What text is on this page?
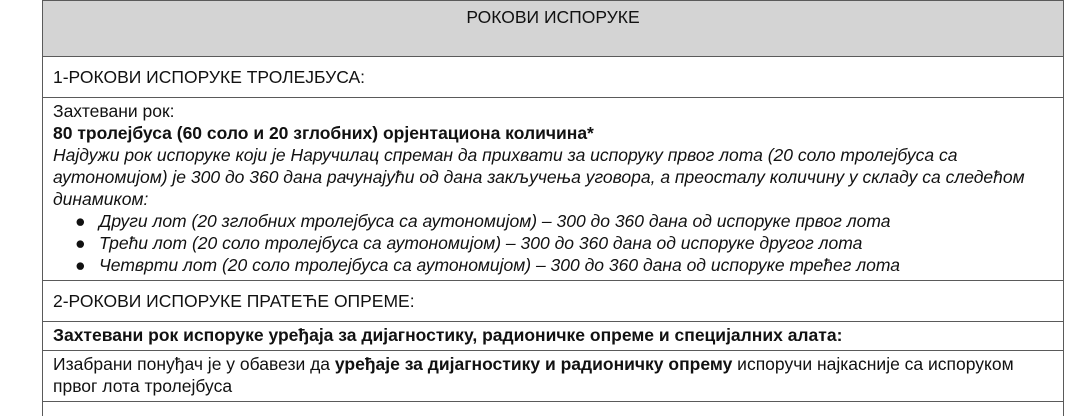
РОКОВИ ИСПОРУКЕ
1-РОКОВИ ИСПОРУКЕ ТРОЛЕЈБУСА:

Захтевани рок:
80 тролејбуса (60 соло и 20 зглобних) орјентациона количина*
Најдужи рок испоруке који је Наручилац спреман да прихвати за испоруку првог лота (20 соло тролејбуса са аутономијом) је 300 до 360 дана рачунајући од дана закључења уговора, а преосталу количину у складу са следећом динамиком:
● Други лот (20 зглобних тролејбуса са аутономијом) – 300 до 360 дана од испоруке првог лота
● Трећи лот (20 соло тролејбуса са аутономијом) – 300 до 360 дана од испоруке другог лота
● Четврти лот (20 соло тролејбуса са аутономијом) – 300 до 360 дана од испоруке трећег лота

2-РОКОВИ ИСПОРУКЕ ПРАТЕЋЕ ОПРЕМЕ:
Захтевани рок испоруке уређаја за дијагностику, радионичке опреме и специјалних алата:
Изабрани понуђач је у обавези да уређаје за дијагностику и радионичку опрему испоручи најкасније са испоруком првог лота тролејбуса
